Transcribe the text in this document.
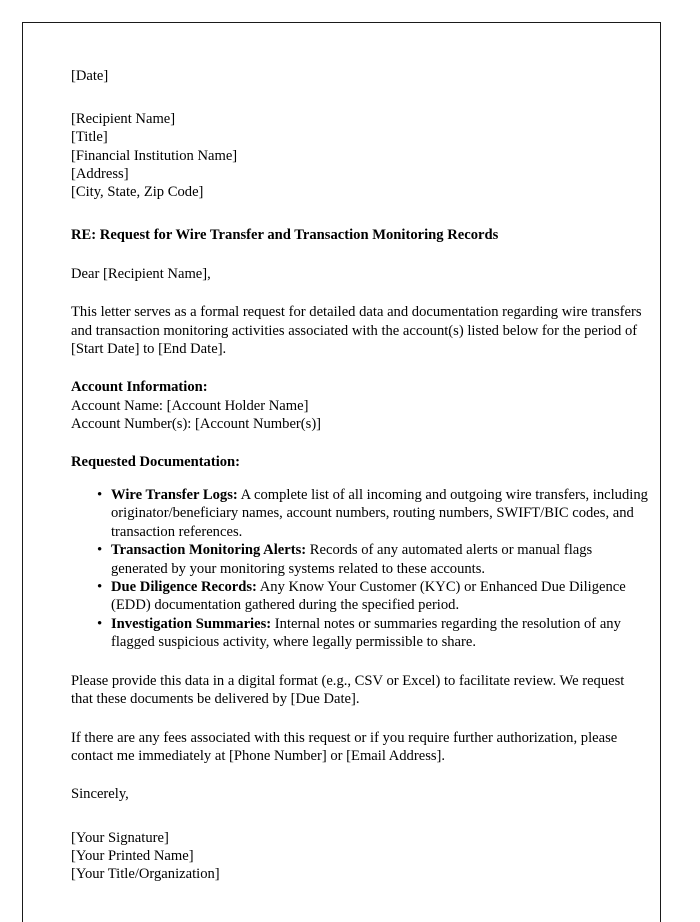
[Date]
[Recipient Name]
[Title]
[Financial Institution Name]
[Address]
[City, State, Zip Code]
RE: Request for Wire Transfer and Transaction Monitoring Records
Dear [Recipient Name],
This letter serves as a formal request for detailed data and documentation regarding wire transfers and transaction monitoring activities associated with the account(s) listed below for the period of [Start Date] to [End Date].
Account Information:
Account Name: [Account Holder Name]
Account Number(s): [Account Number(s)]
Requested Documentation:
• Wire Transfer Logs: A complete list of all incoming and outgoing wire transfers, including originator/beneficiary names, account numbers, routing numbers, SWIFT/BIC codes, and transaction references.
• Transaction Monitoring Alerts: Records of any automated alerts or manual flags generated by your monitoring systems related to these accounts.
• Due Diligence Records: Any Know Your Customer (KYC) or Enhanced Due Diligence (EDD) documentation gathered during the specified period.
• Investigation Summaries: Internal notes or summaries regarding the resolution of any flagged suspicious activity, where legally permissible to share.
Please provide this data in a digital format (e.g., CSV or Excel) to facilitate review. We request that these documents be delivered by [Due Date].
If there are any fees associated with this request or if you require further authorization, please contact me immediately at [Phone Number] or [Email Address].
Sincerely,
[Your Signature]
[Your Printed Name]
[Your Title/Organization]
